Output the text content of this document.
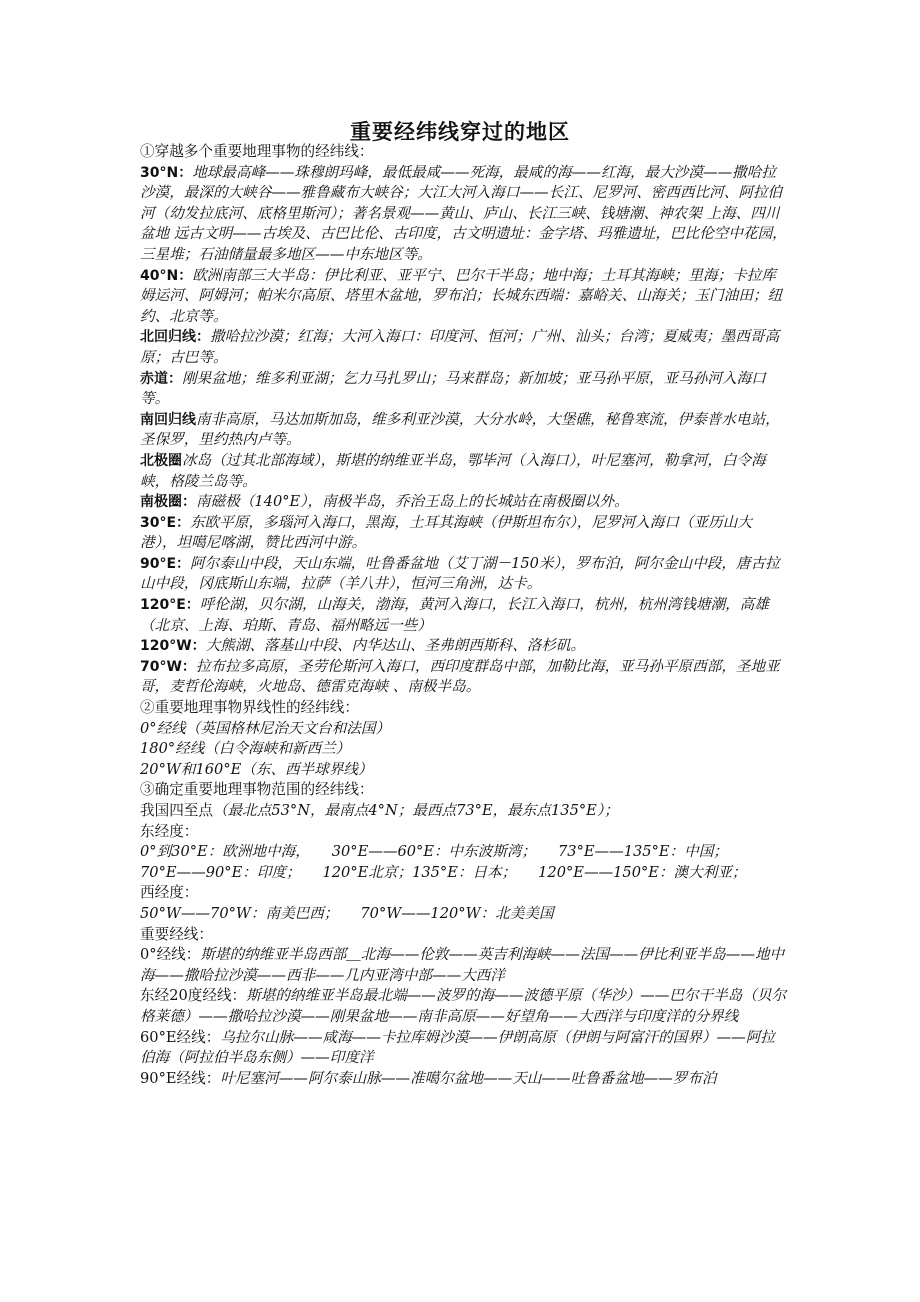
重要经纬线穿过的地区

①穿越多个重要地理事物的经纬线：

30°N：地球最高峰——珠穆朗玛峰，最低最咸——死海，最咸的海——红海，最大沙漠——撒哈拉沙漠，最深的大峡谷——雅鲁藏布大峡谷；大江大河入海口——长江、尼罗河、密西西比河、阿拉伯河（幼发拉底河、底格里斯河）；著名景观——黄山、庐山、长江三峡、钱塘潮、神农架 上海、四川盆地 远古文明——古埃及、古巴比伦、古印度，古文明遗址：金字塔、玛雅遗址，巴比伦空中花园，三星堆；石油储量最多地区——中东地区等。

40°N：欧洲南部三大半岛：伊比利亚、亚平宁、巴尔干半岛；地中海；土耳其海峡；里海；卡拉库姆运河、阿姆河；帕米尔高原、塔里木盆地，罗布泊；长城东西端：嘉峪关、山海关；玉门油田；纽约、北京等。

北回归线：撒哈拉沙漠；红海；大河入海口：印度河、恒河；广州、汕头；台湾；夏威夷；墨西哥高原；古巴等。

赤道：刚果盆地；维多利亚湖；乞力马扎罗山；马来群岛；新加坡；亚马孙平原，亚马孙河入海口等。

南回归线南非高原，马达加斯加岛，维多利亚沙漠，大分水岭，大堡礁，秘鲁寒流，伊泰普水电站，圣保罗，里约热内卢等。

北极圈冰岛（过其北部海域），斯堪的纳维亚半岛，鄂毕河（入海口），叶尼塞河，勒拿河，白令海峡，格陵兰岛等。

南极圈：南磁极（140°E），南极半岛，乔治王岛上的长城站在南极圈以外。

30°E：东欧平原，多瑙河入海口，黑海，土耳其海峡（伊斯坦布尔），尼罗河入海口（亚历山大港），坦噶尼喀湖，赞比西河中游。

90°E：阿尔泰山中段，天山东端，吐鲁番盆地（艾丁湖－150米），罗布泊，阿尔金山中段，唐古拉山中段，冈底斯山东端，拉萨（羊八井），恒河三角洲，达卡。

120°E：呼伦湖，贝尔湖，山海关，渤海，黄河入海口，长江入海口，杭州，杭州湾钱塘潮，高雄（北京、上海、珀斯、青岛、福州略远一些）

120°W：大熊湖、落基山中段、内华达山、圣弗朗西斯科、洛杉矶。

70°W：拉布拉多高原，圣劳伦斯河入海口，西印度群岛中部，加勒比海，亚马孙平原西部，圣地亚哥，麦哲伦海峡，火地岛、德雷克海峡 、南极半岛。

②重要地理事物界线性的经纬线：

0°经线（英国格林尼治天文台和法国）

180°经线（白令海峡和新西兰）

20°W和160°E（东、西半球界线）

③确定重要地理事物范围的经纬线：

我国四至点（最北点53°N，最南点4°N；最西点73°E，最东点135°E）；

东经度：

0°到30°E：欧洲地中海，　　30°E——60°E：中东波斯湾；　　73°E——135°E：中国；

70°E——90°E：印度；　　120°E北京；135°E：日本；　　120°E——150°E：澳大利亚；

西经度：

50°W——70°W：南美巴西；　　70°W——120°W：北美美国

重要经线：

0°经线：斯堪的纳维亚半岛西部＿北海——伦敦——英吉利海峡——法国——伊比利亚半岛——地中海——撒哈拉沙漠——西非——几内亚湾中部——大西洋

东经20度经线：斯堪的纳维亚半岛最北端——波罗的海——波德平原（华沙）——巴尔干半岛（贝尔格莱德）——撒哈拉沙漠——刚果盆地——南非高原——好望角——大西洋与印度洋的分界线

60°E经线：乌拉尔山脉——咸海——卡拉库姆沙漠——伊朗高原（伊朗与阿富汗的国界）——阿拉伯海（阿拉伯半岛东侧）——印度洋

90°E经线：叶尼塞河——阿尔泰山脉——准噶尔盆地——天山——吐鲁番盆地——罗布泊
